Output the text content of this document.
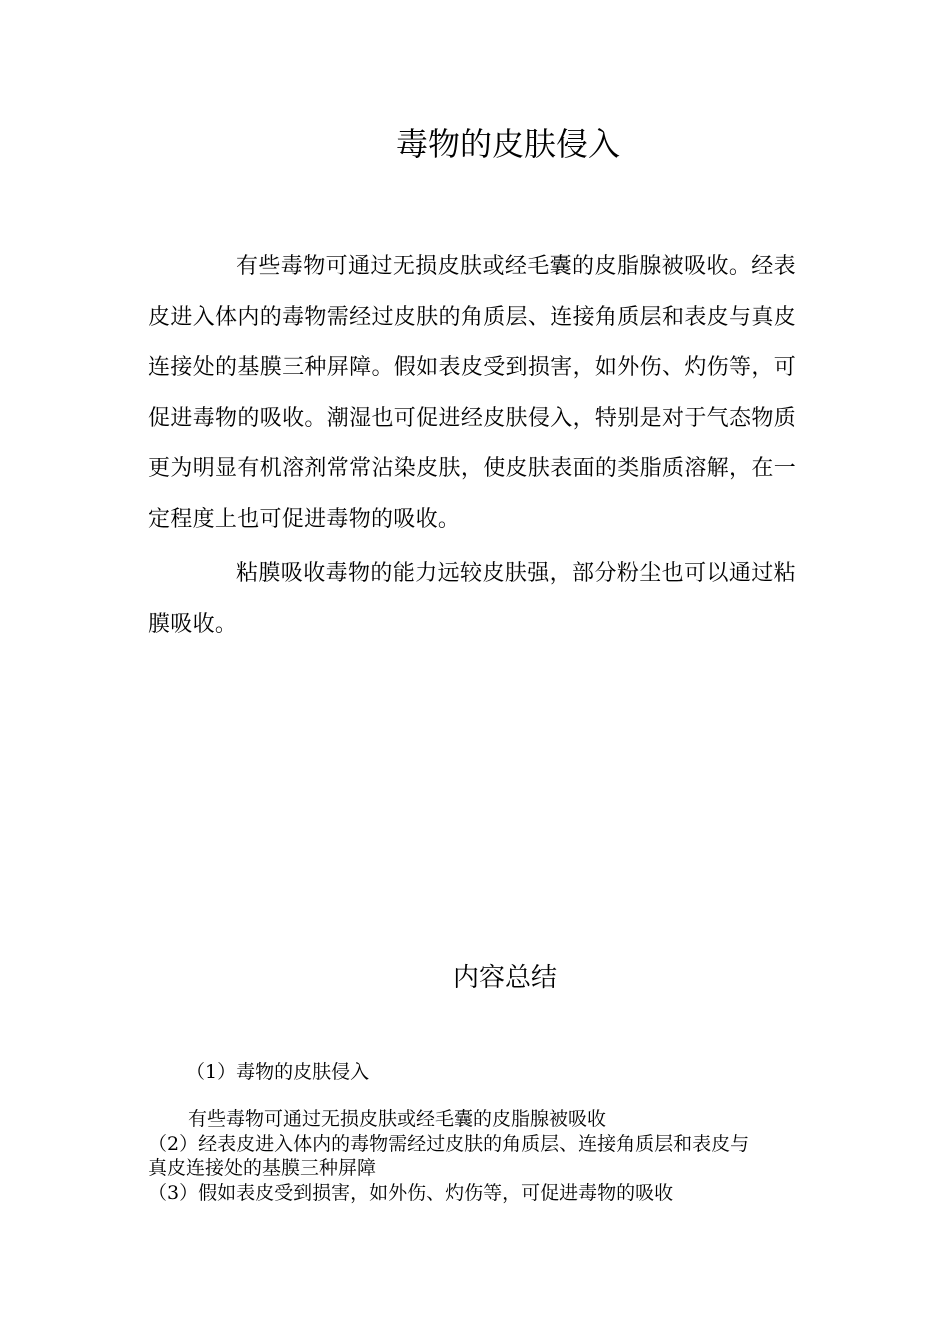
毒物的皮肤侵入

有些毒物可通过无损皮肤或经毛囊的皮脂腺被吸收。经表皮进入体内的毒物需经过皮肤的角质层、连接角质层和表皮与真皮连接处的基膜三种屏障。假如表皮受到损害，如外伤、灼伤等，可促进毒物的吸收。潮湿也可促进经皮肤侵入，特别是对于气态物质更为明显有机溶剂常常沾染皮肤，使皮肤表面的类脂质溶解，在一定程度上也可促进毒物的吸收。

粘膜吸收毒物的能力远较皮肤强，部分粉尘也可以通过粘膜吸收。

内容总结

（1）毒物的皮肤侵入

有些毒物可通过无损皮肤或经毛囊的皮脂腺被吸收

（2）经表皮进入体内的毒物需经过皮肤的角质层、连接角质层和表皮与

真皮连接处的基膜三种屏障

（3）假如表皮受到损害，如外伤、灼伤等，可促进毒物的吸收
